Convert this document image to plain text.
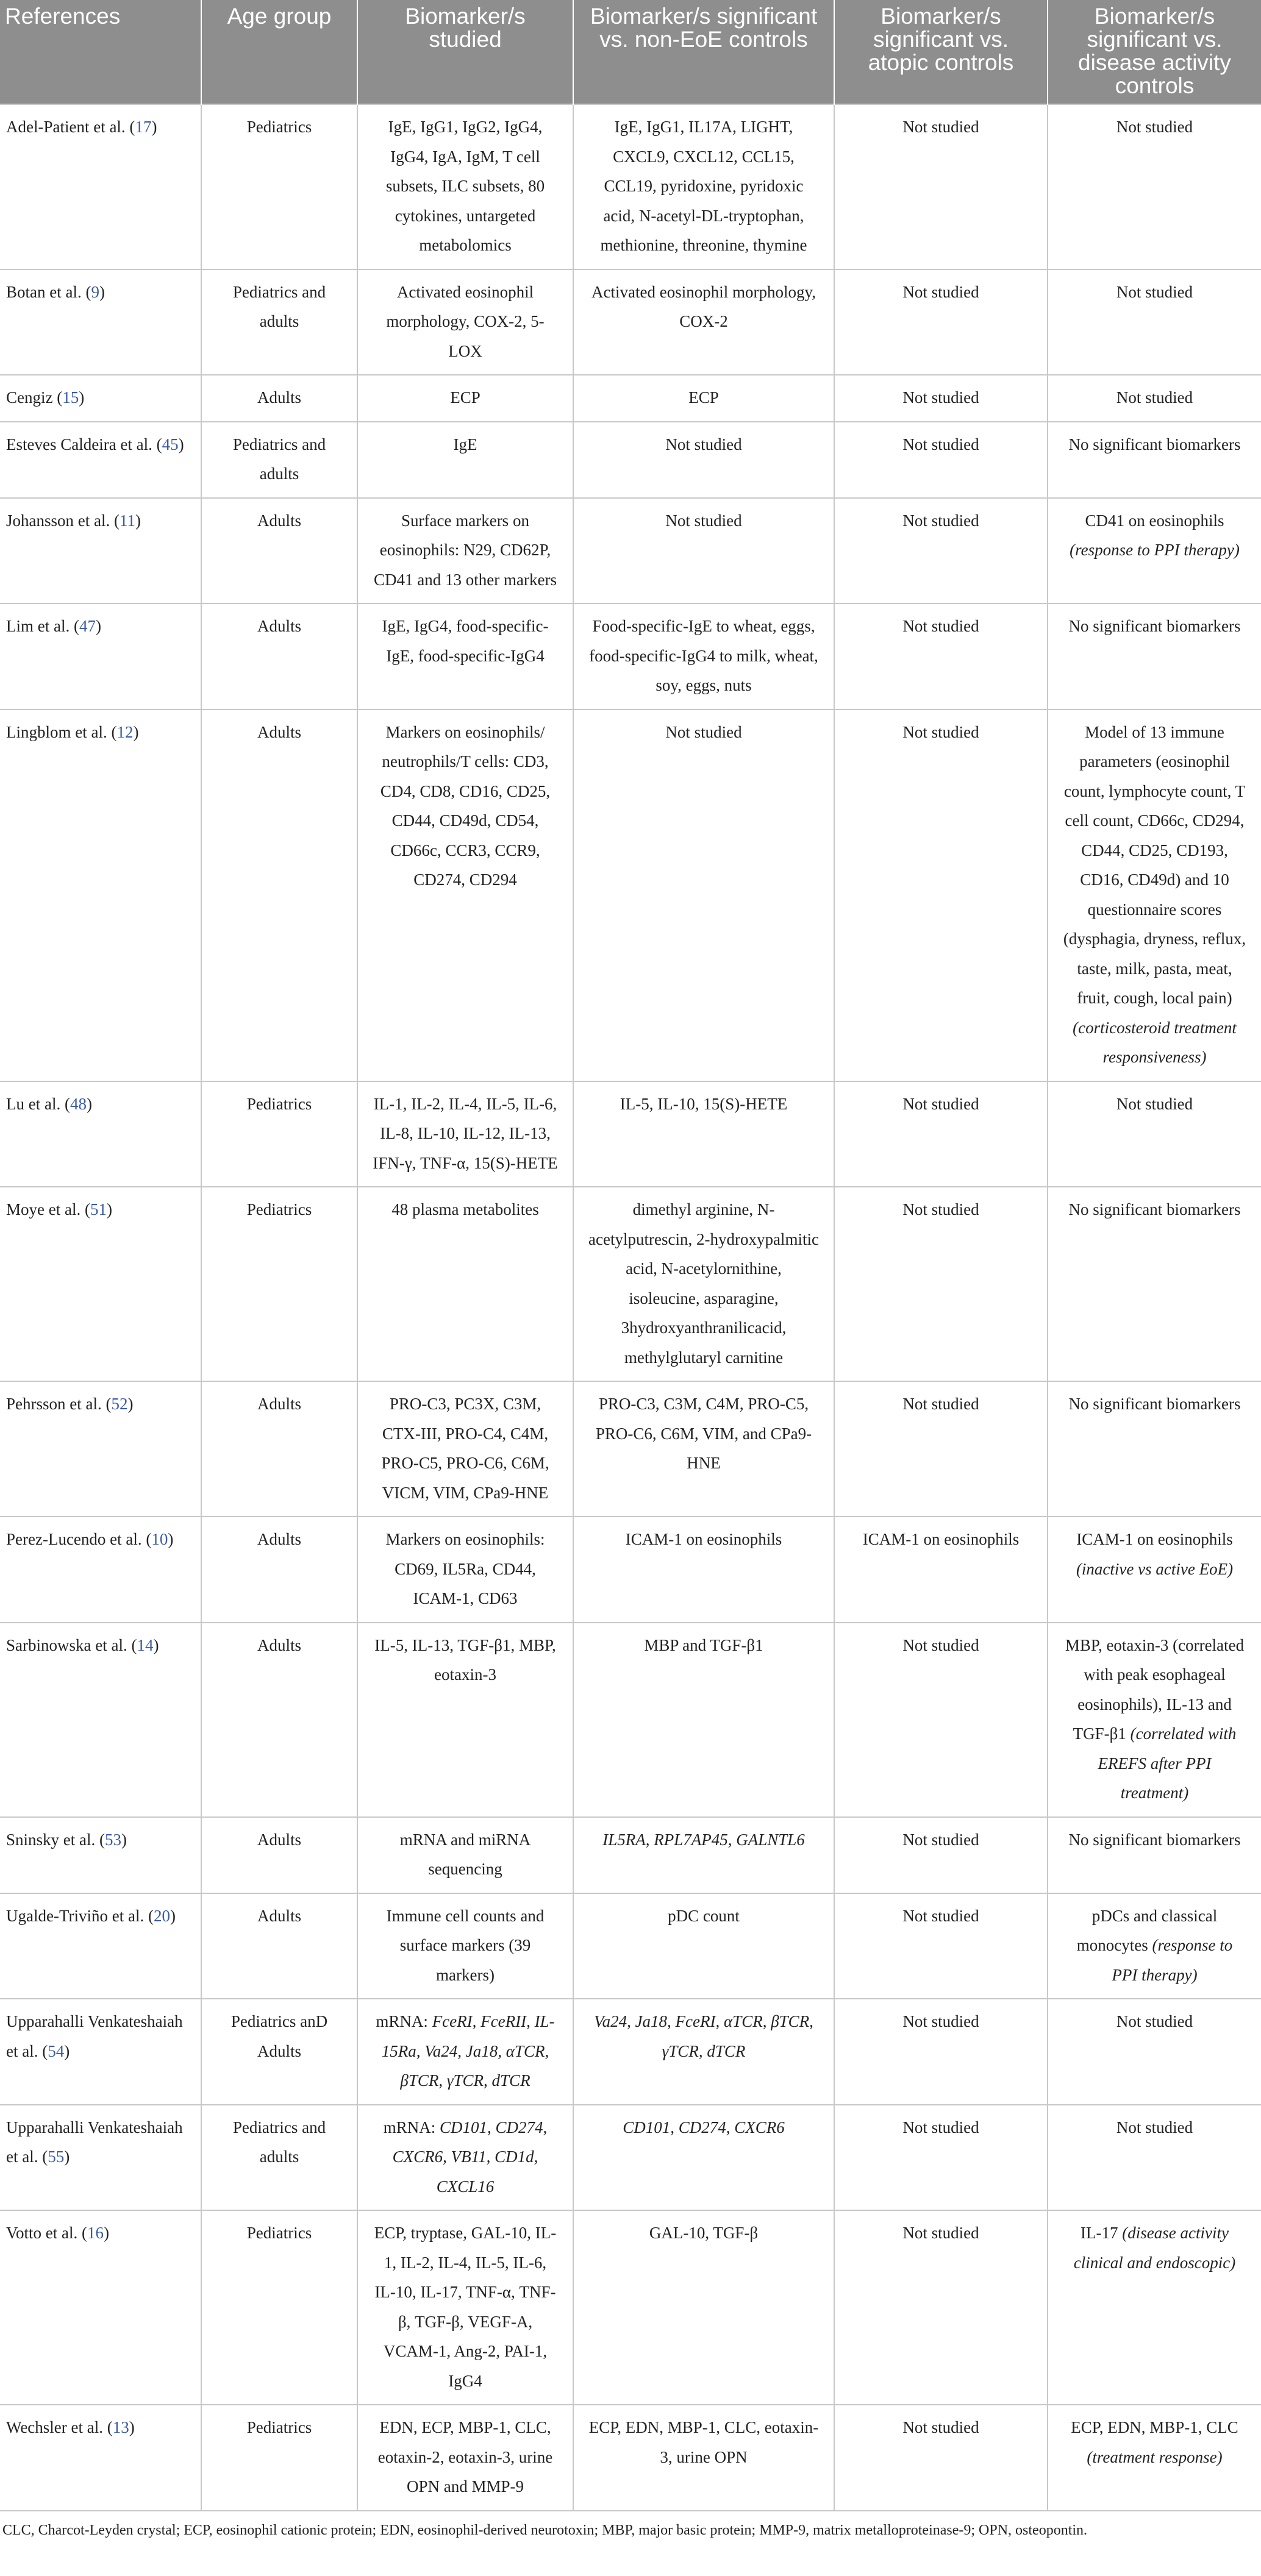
References	Age group	Biomarker/s studied	Biomarker/s significant vs. non-EoE controls	Biomarker/s significant vs. atopic controls	Biomarker/s significant vs. disease activity controls
Adel-Patient et al. (17)	Pediatrics	IgE, IgG1, IgG2, IgG4, IgG4, IgA, IgM, T cell subsets, ILC subsets, 80 cytokines, untargeted metabolomics	IgE, IgG1, IL17A, LIGHT, CXCL9, CXCL12, CCL15, CCL19, pyridoxine, pyridoxic acid, N-acetyl-DL-tryptophan, methionine, threonine, thymine	Not studied	Not studied
Botan et al. (9)	Pediatrics and adults	Activated eosinophil morphology, COX-2, 5-LOX	Activated eosinophil morphology, COX-2	Not studied	Not studied
Cengiz (15)	Adults	ECP	ECP	Not studied	Not studied
Esteves Caldeira et al. (45)	Pediatrics and adults	IgE	Not studied	Not studied	No significant biomarkers
Johansson et al. (11)	Adults	Surface markers on eosinophils: N29, CD62P, CD41 and 13 other markers	Not studied	Not studied	CD41 on eosinophils (response to PPI therapy)
Lim et al. (47)	Adults	IgE, IgG4, food-specific-IgE, food-specific-IgG4	Food-specific-IgE to wheat, eggs, food-specific-IgG4 to milk, wheat, soy, eggs, nuts	Not studied	No significant biomarkers
Lingblom et al. (12)	Adults	Markers on eosinophils/ neutrophils/T cells: CD3, CD4, CD8, CD16, CD25, CD44, CD49d, CD54, CD66c, CCR3, CCR9, CD274, CD294	Not studied	Not studied	Model of 13 immune parameters (eosinophil count, lymphocyte count, T cell count, CD66c, CD294, CD44, CD25, CD193, CD16, CD49d) and 10 questionnaire scores (dysphagia, dryness, reflux, taste, milk, pasta, meat, fruit, cough, local pain) (corticosteroid treatment responsiveness)
Lu et al. (48)	Pediatrics	IL-1, IL-2, IL-4, IL-5, IL-6, IL-8, IL-10, IL-12, IL-13, IFN-γ, TNF-α, 15(S)-HETE	IL-5, IL-10, 15(S)-HETE	Not studied	Not studied
Moye et al. (51)	Pediatrics	48 plasma metabolites	dimethyl arginine, N-acetylputrescin, 2-hydroxypalmitic acid, N-acetylornithine, isoleucine, asparagine, 3hydroxyanthranilicacid, methylglutaryl carnitine	Not studied	No significant biomarkers
Pehrsson et al. (52)	Adults	PRO-C3, PC3X, C3M, CTX-III, PRO-C4, C4M, PRO-C5, PRO-C6, C6M, VICM, VIM, CPa9-HNE	PRO-C3, C3M, C4M, PRO-C5, PRO-C6, C6M, VIM, and CPa9-HNE	Not studied	No significant biomarkers
Perez-Lucendo et al. (10)	Adults	Markers on eosinophils: CD69, IL5Ra, CD44, ICAM-1, CD63	ICAM-1 on eosinophils	ICAM-1 on eosinophils	ICAM-1 on eosinophils (inactive vs active EoE)
Sarbinowska et al. (14)	Adults	IL-5, IL-13, TGF-β1, MBP, eotaxin-3	MBP and TGF-β1	Not studied	MBP, eotaxin-3 (correlated with peak esophageal eosinophils), IL-13 and TGF-β1 (correlated with EREFS after PPI treatment)
Sninsky et al. (53)	Adults	mRNA and miRNA sequencing	IL5RA, RPL7AP45, GALNTL6	Not studied	No significant biomarkers
Ugalde-Triviño et al. (20)	Adults	Immune cell counts and surface markers (39 markers)	pDC count	Not studied	pDCs and classical monocytes (response to PPI therapy)
Upparahalli Venkateshaiah et al. (54)	Pediatrics anD Adults	mRNA: FceRI, FceRII, IL-15Ra, Va24, Ja18, αTCR, βTCR, γTCR, dTCR	Va24, Ja18, FceRI, αTCR, βTCR, γTCR, dTCR	Not studied	Not studied
Upparahalli Venkateshaiah et al. (55)	Pediatrics and adults	mRNA: CD101, CD274, CXCR6, VB11, CD1d, CXCL16	CD101, CD274, CXCR6	Not studied	Not studied
Votto et al. (16)	Pediatrics	ECP, tryptase, GAL-10, IL-1, IL-2, IL-4, IL-5, IL-6, IL-10, IL-17, TNF-α, TNF-β, TGF-β, VEGF-A, VCAM-1, Ang-2, PAI-1, IgG4	GAL-10, TGF-β	Not studied	IL-17 (disease activity clinical and endoscopic)
Wechsler et al. (13)	Pediatrics	EDN, ECP, MBP-1, CLC, eotaxin-2, eotaxin-3, urine OPN and MMP-9	ECP, EDN, MBP-1, CLC, eotaxin-3, urine OPN	Not studied	ECP, EDN, MBP-1, CLC (treatment response)
CLC, Charcot-Leyden crystal; ECP, eosinophil cationic protein; EDN, eosinophil-derived neurotoxin; MBP, major basic protein; MMP-9, matrix metalloproteinase-9; OPN, osteopontin.
